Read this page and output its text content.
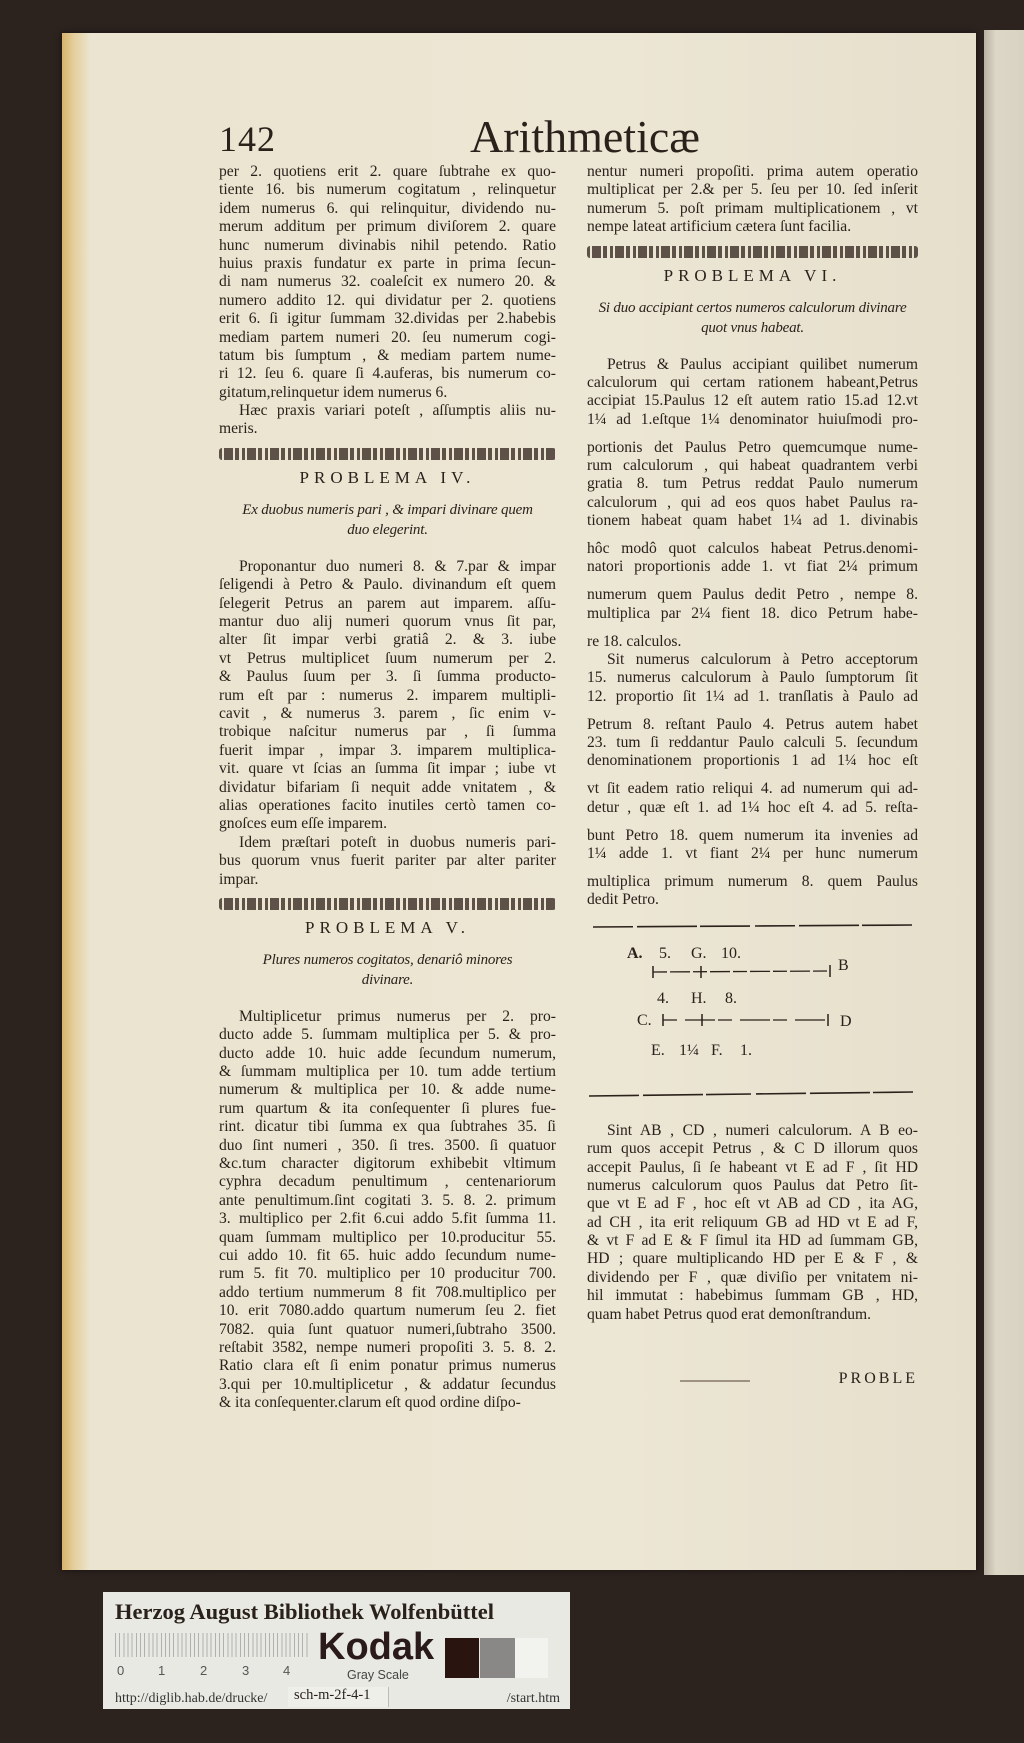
142	Arithmeticæ
per 2. quotiens erit 2. quare ſubtrahe ex quo-
tiente 16. bis numerum cogitatum , relinquetur
idem numerus 6. qui relinquitur, dividendo nu-
merum additum per primum diviſorem 2. quare
hunc numerum divinabis nihil petendo. Ratio
huius praxis fundatur ex parte in prima ſecun-
di nam numerus 32. coaleſcit ex numero 20. &
numero addito 12. qui dividatur per 2. quotiens
erit 6. ſi igitur ſummam 32.dividas per 2.habebis
mediam partem numeri 20. ſeu numerum cogi-
tatum bis ſumptum , & mediam partem nume-
ri 12. ſeu 6. quare ſi 4.auferas, bis numerum co-
gitatum,relinquetur idem numerus 6.
Hæc praxis variari poteſt , aſſumptis aliis nu-
meris.
PROBLEMA IV.
Ex duobus numeris pari , & impari divinare quem
duo elegerint.
Proponantur duo numeri 8. & 7.par & impar
ſeligendi à Petro & Paulo. divinandum eſt quem
ſelegerit Petrus an parem aut imparem. aſſu-
mantur duo alij numeri quorum vnus ſit par,
alter ſit impar verbi gratiâ 2. & 3. iube
vt Petrus multiplicet ſuum numerum per 2.
& Paulus ſuum per 3. ſi ſumma producto-
rum eſt par : numerus 2. imparem multipli-
cavit , & numerus 3. parem , ſic enim v-
trobique naſcitur numerus par , ſi ſumma
fuerit impar , impar 3. imparem multiplica-
vit. quare vt ſcias an ſumma ſit impar ; iube vt
dividatur bifariam ſi nequit adde vnitatem , &
alias operationes facito inutiles certò tamen co-
gnoſces eum eſſe imparem.
Idem præſtari poteſt in duobus numeris pari-
bus quorum vnus fuerit pariter par alter pariter
impar.
PROBLEMA V.
Plures numeros cogitatos, denariô minores
divinare.
Multiplicetur primus numerus per 2. pro-
ducto adde 5. ſummam multiplica per 5. & pro-
ducto adde 10. huic adde ſecundum numerum,
& ſummam multiplica per 10. tum adde tertium
numerum & multiplica per 10. & adde nume-
rum quartum & ita conſequenter ſi plures fue-
rint. dicatur tibi ſumma ex qua ſubtrahes 35. ſi
duo ſint numeri , 350. ſi tres. 3500. ſi quatuor
&c.tum character digitorum exhibebit vltimum
cyphra decadum penultimum , centenariorum
ante penultimum.ſint cogitati 3. 5. 8. 2. primum
3. multiplico per 2.fit 6.cui addo 5.fit ſumma 11.
quam ſummam multiplico per 10.producitur 55.
cui addo 10. fit 65. huic addo ſecundum nume-
rum 5. fit 70. multiplico per 10 producitur 700.
addo tertium nummerum 8 fit 708.multiplico per
10. erit 7080.addo quartum numerum ſeu 2. fiet
7082. quia ſunt quatuor numeri,ſubtraho 3500.
reſtabit 3582, nempe numeri propoſiti 3. 5. 8. 2.
Ratio clara eſt ſi enim ponatur primus numerus
3.qui per 10.multiplicetur , & addatur ſecundus
& ita conſequenter.clarum eſt quod ordine diſpo-
nentur numeri propoſiti. prima autem operatio
multiplicat per 2.& per 5. ſeu per 10. ſed inſerit
numerum 5. poſt primam multiplicationem , vt
nempe lateat artificium cætera ſunt facilia.
PROBLEMA VI.
Si duo accipiant certos numeros calculorum divinare
quot vnus habeat.
Petrus & Paulus accipiant quilibet numerum
calculorum qui certam rationem habeant,Petrus
accipiat 15.Paulus 12 eſt autem ratio 15.ad 12.vt
1¼ ad 1.eſtque 1¼ denominator huiuſmodi pro-
portionis det Paulus Petro quemcumque nume-
rum calculorum , qui habeat quadrantem verbi
gratia 8. tum Petrus reddat Paulo numerum
calculorum , qui ad eos quos habet Paulus ra-
tionem habeat quam habet 1¼ ad 1. divinabis
hôc modô quot calculos habeat Petrus.denomi-
natori proportionis adde 1. vt fiat 2¼ primum
numerum quem Paulus dedit Petro , nempe 8.
multiplica par 2¼ fient 18. dico Petrum habe-
re 18. calculos.
Sit numerus calculorum à Petro acceptorum
15. numerus calculorum à Paulo ſumptorum ſit
12. proportio ſit 1¼ ad 1. tranſlatis à Paulo ad
Petrum 8. reſtant Paulo 4. Petrus autem habet
23. tum ſi reddantur Paulo calculi 5. ſecundum
denominationem proportionis 1 ad 1¼ hoc eſt
vt ſit eadem ratio reliqui 4. ad numerum qui ad-
detur , quæ eſt 1. ad 1¼ hoc eſt 4. ad 5. reſta-
bunt Petro 18. quem numerum ita invenies ad
1¼ adde 1. vt fiant 2¼ per hunc numerum
multiplica primum numerum 8. quem Paulus
dedit Petro.
A. 5. G. 10.
B
4. H. 8.
C.	D
E. 1¼ F. 1.
Sint AB , CD , numeri calculorum. A B eo-
rum quos accepit Petrus , & C D illorum quos
accepit Paulus, ſi ſe habeant vt E ad F , ſit HD
numerus calculorum quos Paulus dat Petro ſit-
que vt E ad F , hoc eſt vt AB ad CD , ita AG,
ad CH , ita erit reliquum GB ad HD vt E ad F,
& vt F ad E & F ſimul ita HD ad ſummam GB,
HD ; quare multiplicando HD per E & F , &
dividendo per F , quæ diviſio per vnitatem ni-
hil immutat : habebimus ſummam GB , HD,
quam habet Petrus quod erat demonſtrandum.
PROBLE
Herzog August Bibliothek Wolfenbüttel
0	1	2	3	4
Kodak
Gray Scale
http://diglib.hab.de/drucke/	sch-m-2f-4-1	/start.htm
